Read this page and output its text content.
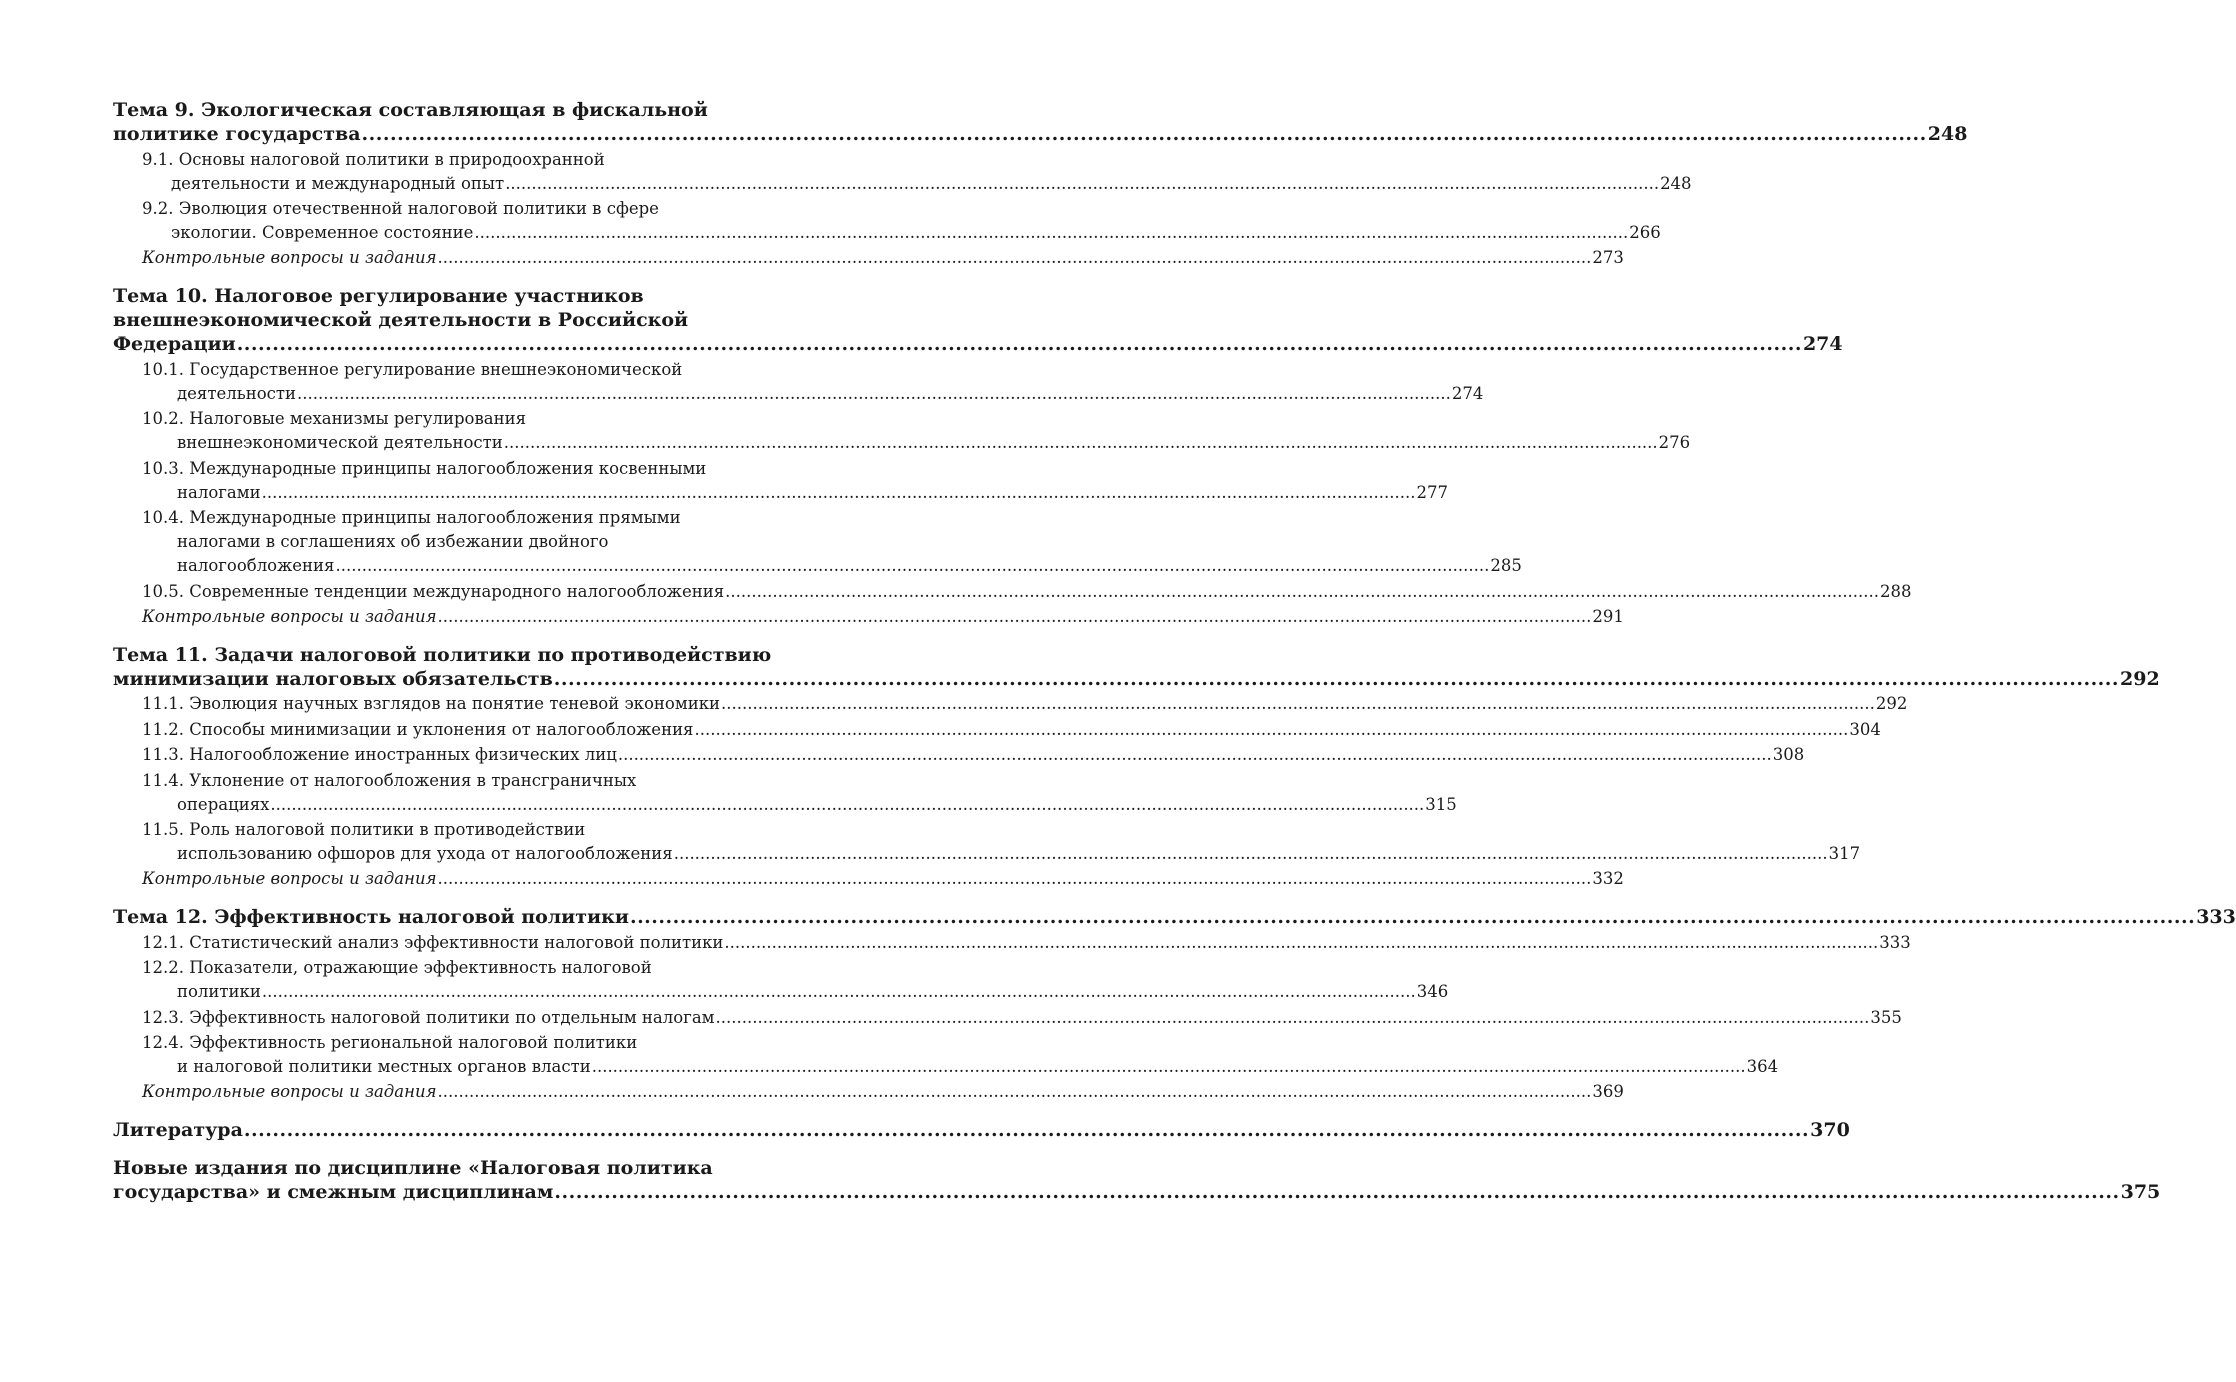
Тема 9. Экологическая составляющая в фискальной
политике государства ............................................................................................................................................................................................................................ 248
9.1. Основы налоговой политики в природоохранной
деятельности и международный опыт ............................................................................................................................................................................................................................ 248
9.2. Эволюция отечественной налоговой политики в сфере
экологии. Современное состояние ............................................................................................................................................................................................................................ 266
Контрольные вопросы и задания ............................................................................................................................................................................................................................ 273
Тема 10. Налоговое регулирование участников
внешнеэкономической деятельности в Российской
Федерации ............................................................................................................................................................................................................................ 274
10.1. Государственное регулирование внешнеэкономической
деятельности ............................................................................................................................................................................................................................ 274
10.2. Налоговые механизмы регулирования
внешнеэкономической деятельности ............................................................................................................................................................................................................................ 276
10.3. Международные принципы налогообложения косвенными
налогами ............................................................................................................................................................................................................................ 277
10.4. Международные принципы налогообложения прямыми
налогами в соглашениях об избежании двойного
налогообложения ............................................................................................................................................................................................................................ 285
10.5. Современные тенденции международного налогообложения ............................................................................................................................................................................................................................ 288
Контрольные вопросы и задания ............................................................................................................................................................................................................................ 291
Тема 11. Задачи налоговой политики по противодействию
минимизации налоговых обязательств ............................................................................................................................................................................................................................ 292
11.1. Эволюция научных взглядов на понятие теневой экономики ............................................................................................................................................................................................................................ 292
11.2. Способы минимизации и уклонения от налогообложения ............................................................................................................................................................................................................................ 304
11.3. Налогообложение иностранных физических лиц ............................................................................................................................................................................................................................ 308
11.4. Уклонение от налогообложения в трансграничных
операциях ............................................................................................................................................................................................................................ 315
11.5. Роль налоговой политики в противодействии
использованию офшоров для ухода от налогообложения ............................................................................................................................................................................................................................ 317
Контрольные вопросы и задания ............................................................................................................................................................................................................................ 332
Тема 12. Эффективность налоговой политики ............................................................................................................................................................................................................................ 333
12.1. Статистический анализ эффективности налоговой политики ............................................................................................................................................................................................................................ 333
12.2. Показатели, отражающие эффективность налоговой
политики ............................................................................................................................................................................................................................ 346
12.3. Эффективность налоговой политики по отдельным налогам ............................................................................................................................................................................................................................ 355
12.4. Эффективность региональной налоговой политики
и налоговой политики местных органов власти ............................................................................................................................................................................................................................ 364
Контрольные вопросы и задания ............................................................................................................................................................................................................................ 369
Литература ............................................................................................................................................................................................................................ 370
Новые издания по дисциплине «Налоговая политика
государства» и смежным дисциплинам ............................................................................................................................................................................................................................ 375
